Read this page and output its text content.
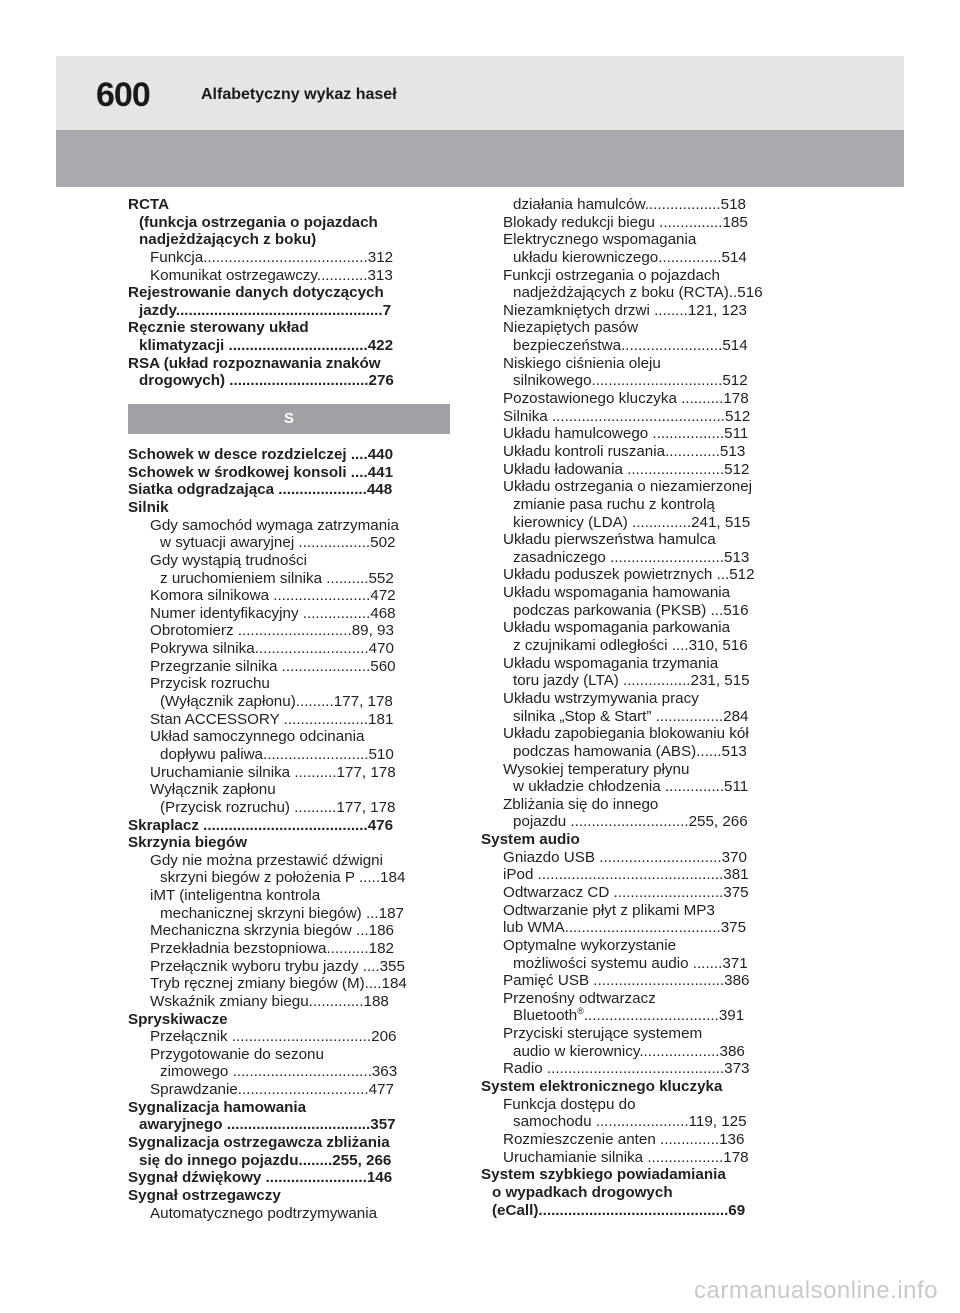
600	Alfabetyczny wykaz haseł
RCTA
(funkcja ostrzegania o pojazdach
nadjeżdżających z boku)
Funkcja.......................................312
Komunikat ostrzegawczy............313
Rejestrowanie danych dotyczących
jazdy.................................................7
Ręcznie sterowany układ
klimatyzacji .................................422
RSA (układ rozpoznawania znaków
drogowych) .................................276
S
Schowek w desce rozdzielczej ....440
Schowek w środkowej konsoli ....441
Siatka odgradzająca .....................448
Silnik
Gdy samochód wymaga zatrzymania
w sytuacji awaryjnej .................502
Gdy wystąpią trudności
z uruchomieniem silnika ..........552
Komora silnikowa .......................472
Numer identyfikacyjny ................468
Obrotomierz ...........................89, 93
Pokrywa silnika...........................470
Przegrzanie silnika .....................560
Przycisk rozruchu
(Wyłącznik zapłonu).........177, 178
Stan ACCESSORY ....................181
Układ samoczynnego odcinania
dopływu paliwa.........................510
Uruchamianie silnika ..........177, 178
Wyłącznik zapłonu
(Przycisk rozruchu) ..........177, 178
Skraplacz .......................................476
Skrzynia biegów
Gdy nie można przestawić dźwigni
skrzyni biegów z położenia P .....184
iMT (inteligentna kontrola
mechanicznej skrzyni biegów) ...187
Mechaniczna skrzynia biegów ...186
Przekładnia bezstopniowa..........182
Przełącznik wyboru trybu jazdy ....355
Tryb ręcznej zmiany biegów (M)....184
Wskaźnik zmiany biegu.............188
Spryskiwacze
Przełącznik .................................206
Przygotowanie do sezonu
zimowego .................................363
Sprawdzanie...............................477
Sygnalizacja hamowania
awaryjnego ..................................357
Sygnalizacja ostrzegawcza zbliżania
się do innego pojazdu........255, 266
Sygnał dźwiękowy ........................146
Sygnał ostrzegawczy
Automatycznego podtrzymywania
działania hamulców..................518
Blokady redukcji biegu ...............185
Elektrycznego wspomagania
układu kierowniczego...............514
Funkcji ostrzegania o pojazdach
nadjeżdżających z boku (RCTA)..516
Niezamkniętych drzwi ........121, 123
Niezapiętych pasów
bezpieczeństwa........................514
Niskiego ciśnienia oleju
silnikowego...............................512
Pozostawionego kluczyka ..........178
Silnika .........................................512
Układu hamulcowego .................511
Układu kontroli ruszania.............513
Układu ładowania .......................512
Układu ostrzegania o niezamierzonej
zmianie pasa ruchu z kontrolą
kierownicy (LDA) ..............241, 515
Układu pierwszeństwa hamulca
zasadniczego ...........................513
Układu poduszek powietrznych ...512
Układu wspomagania hamowania
podczas parkowania (PKSB) ...516
Układu wspomagania parkowania
z czujnikami odległości ....310, 516
Układu wspomagania trzymania
toru jazdy (LTA) ................231, 515
Układu wstrzymywania pracy
silnika „Stop & Start” ................284
Układu zapobiegania blokowaniu kół
podczas hamowania (ABS)......513
Wysokiej temperatury płynu
w układzie chłodzenia ..............511
Zbliżania się do innego
pojazdu ............................255, 266
System audio
Gniazdo USB .............................370
iPod ............................................381
Odtwarzacz CD ..........................375
Odtwarzanie płyt z plikami MP3
lub WMA.....................................375
Optymalne wykorzystanie
możliwości systemu audio .......371
Pamięć USB ...............................386
Przenośny odtwarzacz
Bluetooth®................................391
Przyciski sterujące systemem
audio w kierownicy...................386
Radio ..........................................373
System elektronicznego kluczyka
Funkcja dostępu do
samochodu ......................119, 125
Rozmieszczenie anten ..............136
Uruchamianie silnika ..................178
System szybkiego powiadamiania
o wypadkach drogowych
(eCall).............................................69
carmanualsonline.info
